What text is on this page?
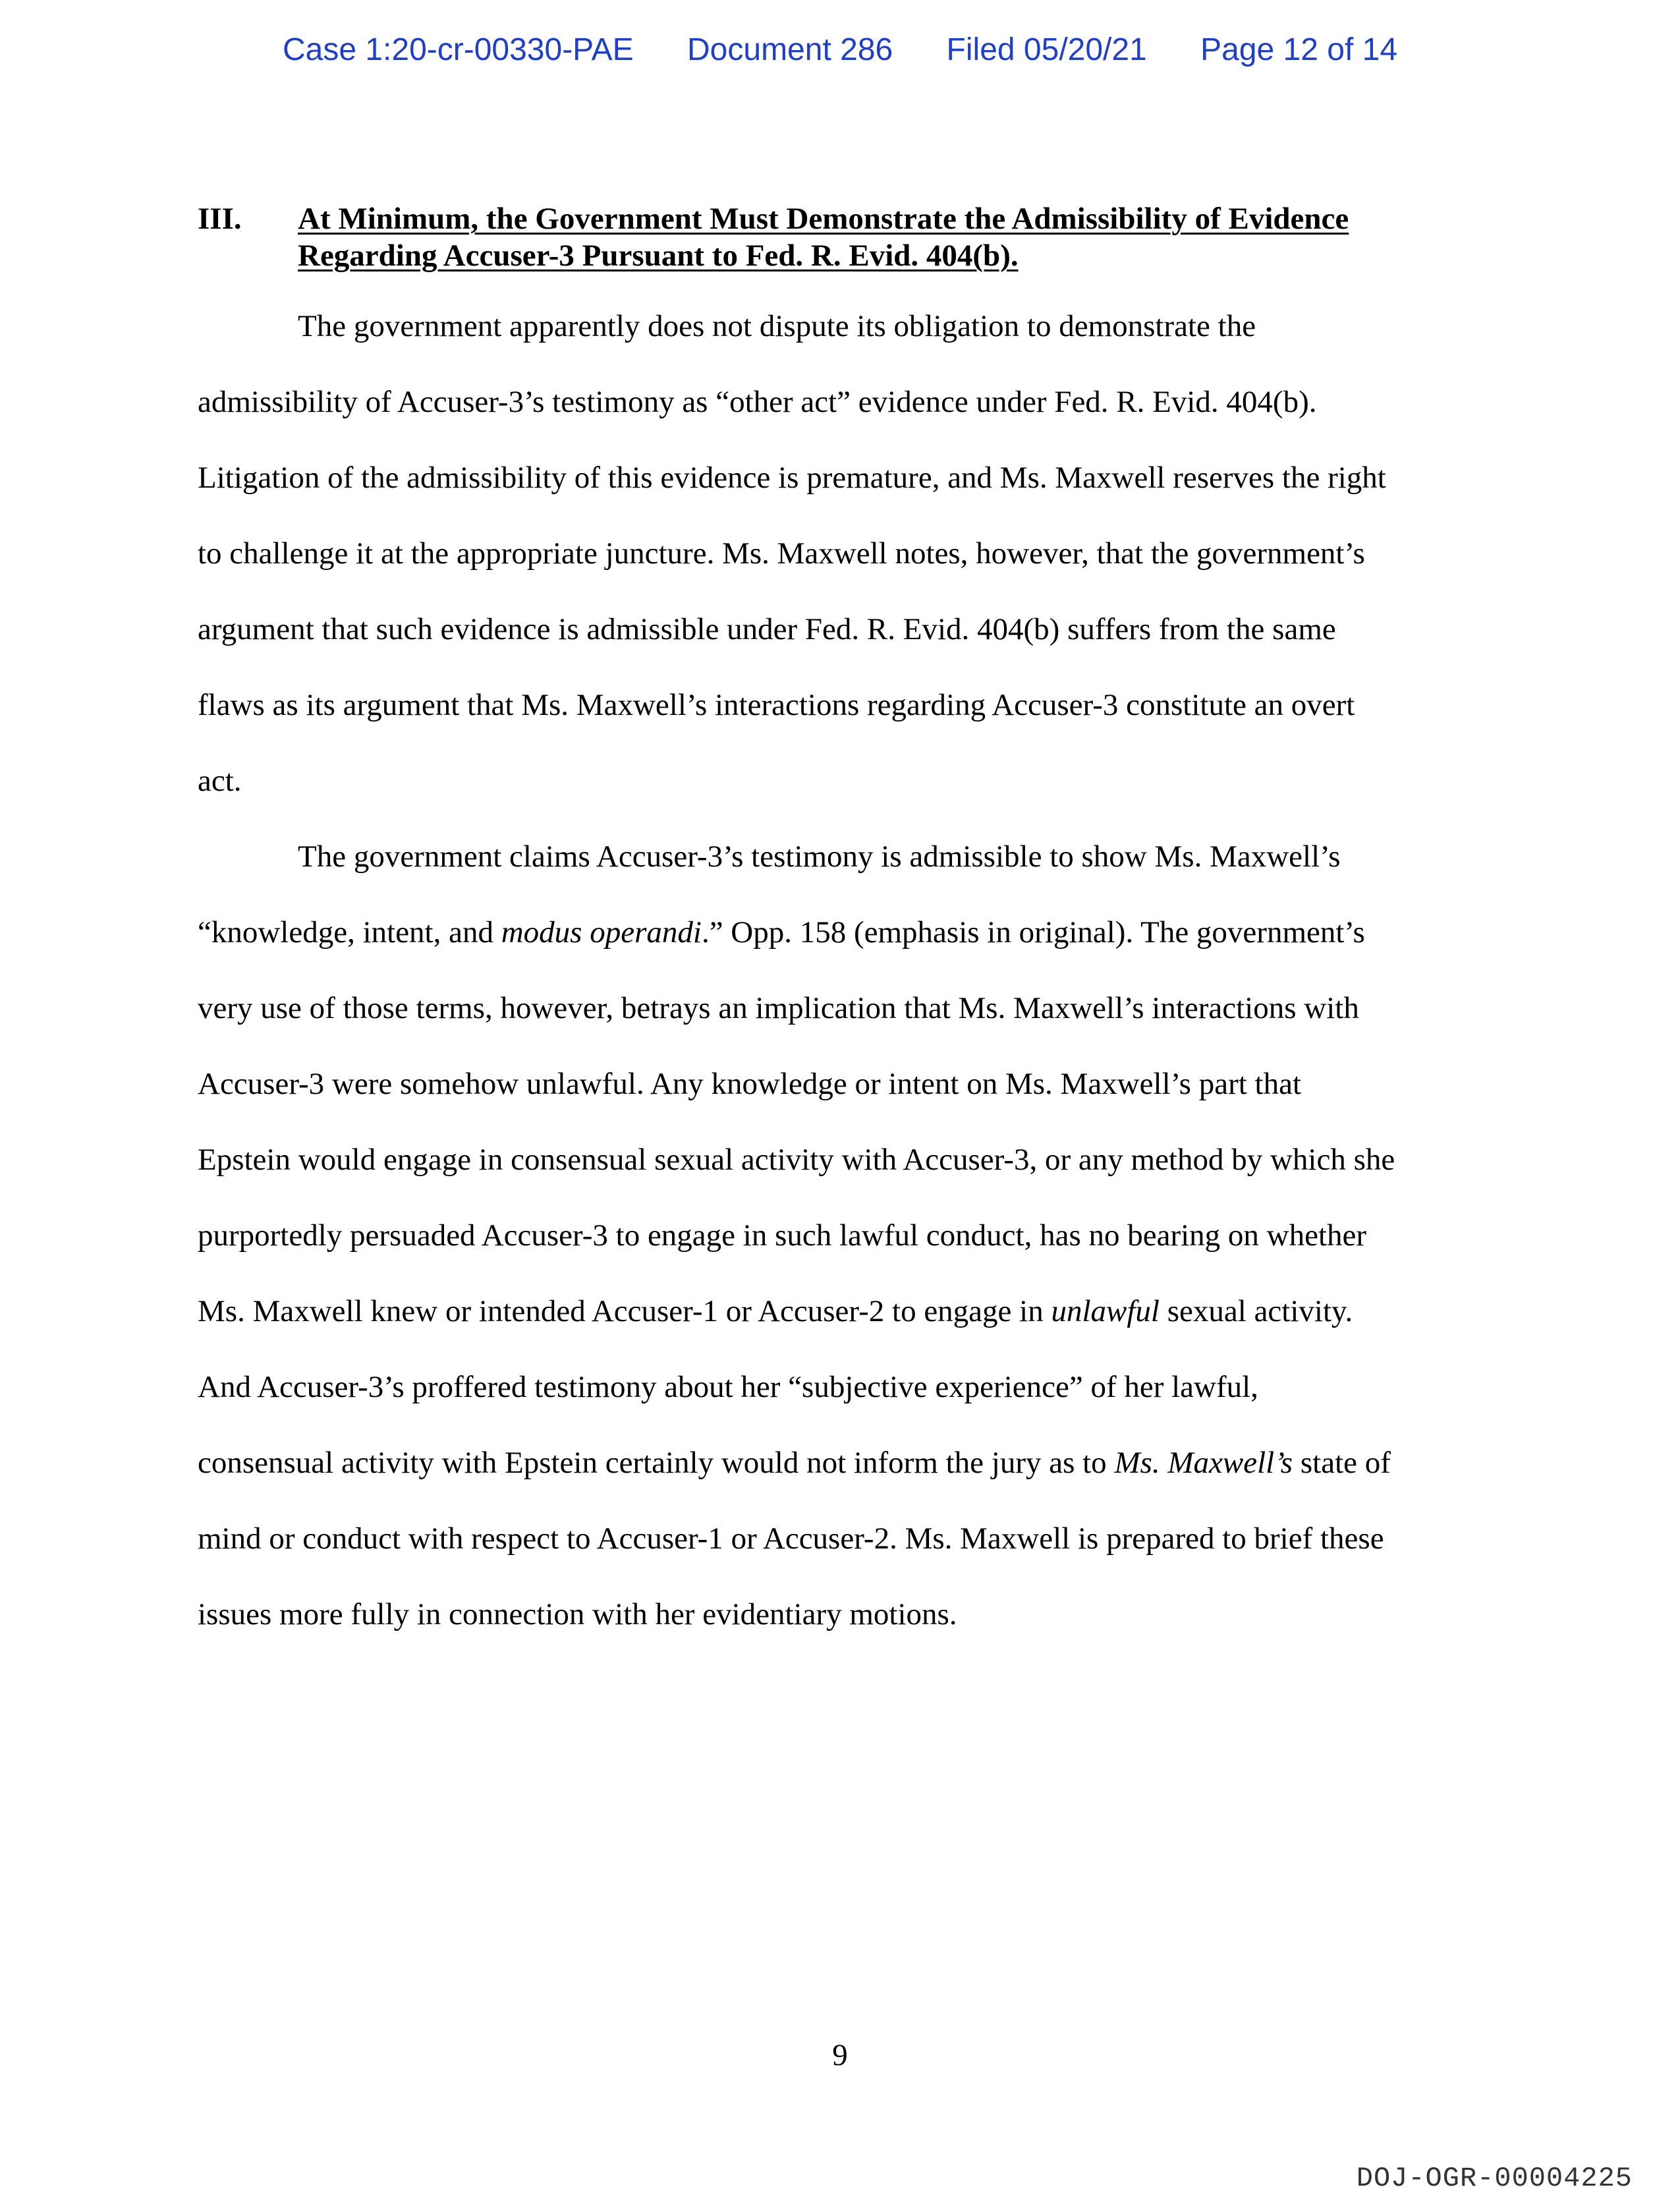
Case 1:20-cr-00330-PAE Document 286 Filed 05/20/21 Page 12 of 14
III. At Minimum, the Government Must Demonstrate the Admissibility of Evidence
Regarding Accuser-3 Pursuant to Fed. R. Evid. 404(b).
The government apparently does not dispute its obligation to demonstrate the
admissibility of Accuser-3’s testimony as “other act” evidence under Fed. R. Evid. 404(b).
Litigation of the admissibility of this evidence is premature, and Ms. Maxwell reserves the right
to challenge it at the appropriate juncture. Ms. Maxwell notes, however, that the government’s
argument that such evidence is admissible under Fed. R. Evid. 404(b) suffers from the same
flaws as its argument that Ms. Maxwell’s interactions regarding Accuser-3 constitute an overt
act.
The government claims Accuser-3’s testimony is admissible to show Ms. Maxwell’s
“knowledge, intent, and modus operandi.” Opp. 158 (emphasis in original). The government’s
very use of those terms, however, betrays an implication that Ms. Maxwell’s interactions with
Accuser-3 were somehow unlawful. Any knowledge or intent on Ms. Maxwell’s part that
Epstein would engage in consensual sexual activity with Accuser-3, or any method by which she
purportedly persuaded Accuser-3 to engage in such lawful conduct, has no bearing on whether
Ms. Maxwell knew or intended Accuser-1 or Accuser-2 to engage in unlawful sexual activity.
And Accuser-3’s proffered testimony about her “subjective experience” of her lawful,
consensual activity with Epstein certainly would not inform the jury as to Ms. Maxwell’s state of
mind or conduct with respect to Accuser-1 or Accuser-2. Ms. Maxwell is prepared to brief these
issues more fully in connection with her evidentiary motions.
9
DOJ-OGR-00004225
